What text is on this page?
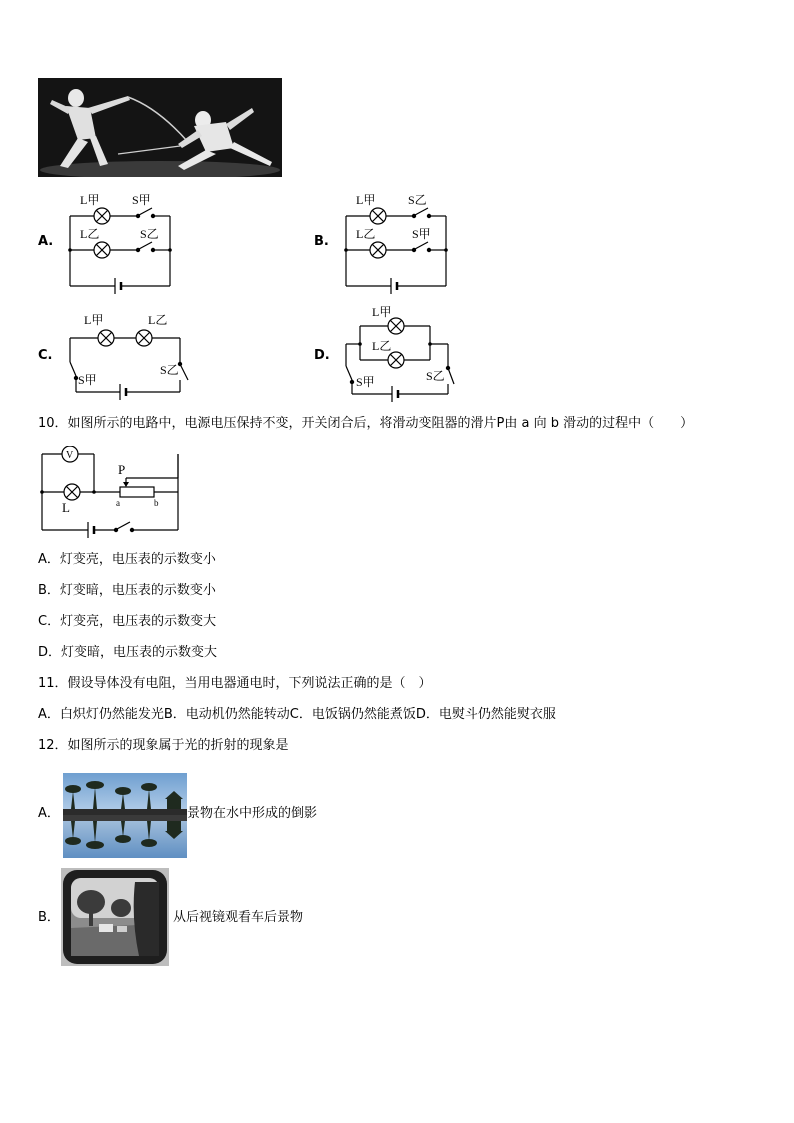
A.	B.
C.	D.
L甲	S甲
L乙	S乙
L甲	S乙
L乙	S甲
L甲	L乙
S甲
S乙
L甲
L乙
S甲	S乙
10．如图所示的电路中，电源电压保持不变，开关闭合后，将滑动变阻器的滑片P由 a 向 b 滑动的过程中（　　）
V
L
P
a	b
A．灯变亮，电压表的示数变小
B．灯变暗，电压表的示数变小
C．灯变亮，电压表的示数变大
D．灯变暗，电压表的示数变大
11．假设导体没有电阻，当用电器通电时，下列说法正确的是（　）
A．白炽灯仍然能发光B．电动机仍然能转动C．电饭锅仍然能煮饭D．电熨斗仍然能熨衣服
12．如图所示的现象属于光的折射的现象是
A．	景物在水中形成的倒影
B．	从后视镜观看车后景物
